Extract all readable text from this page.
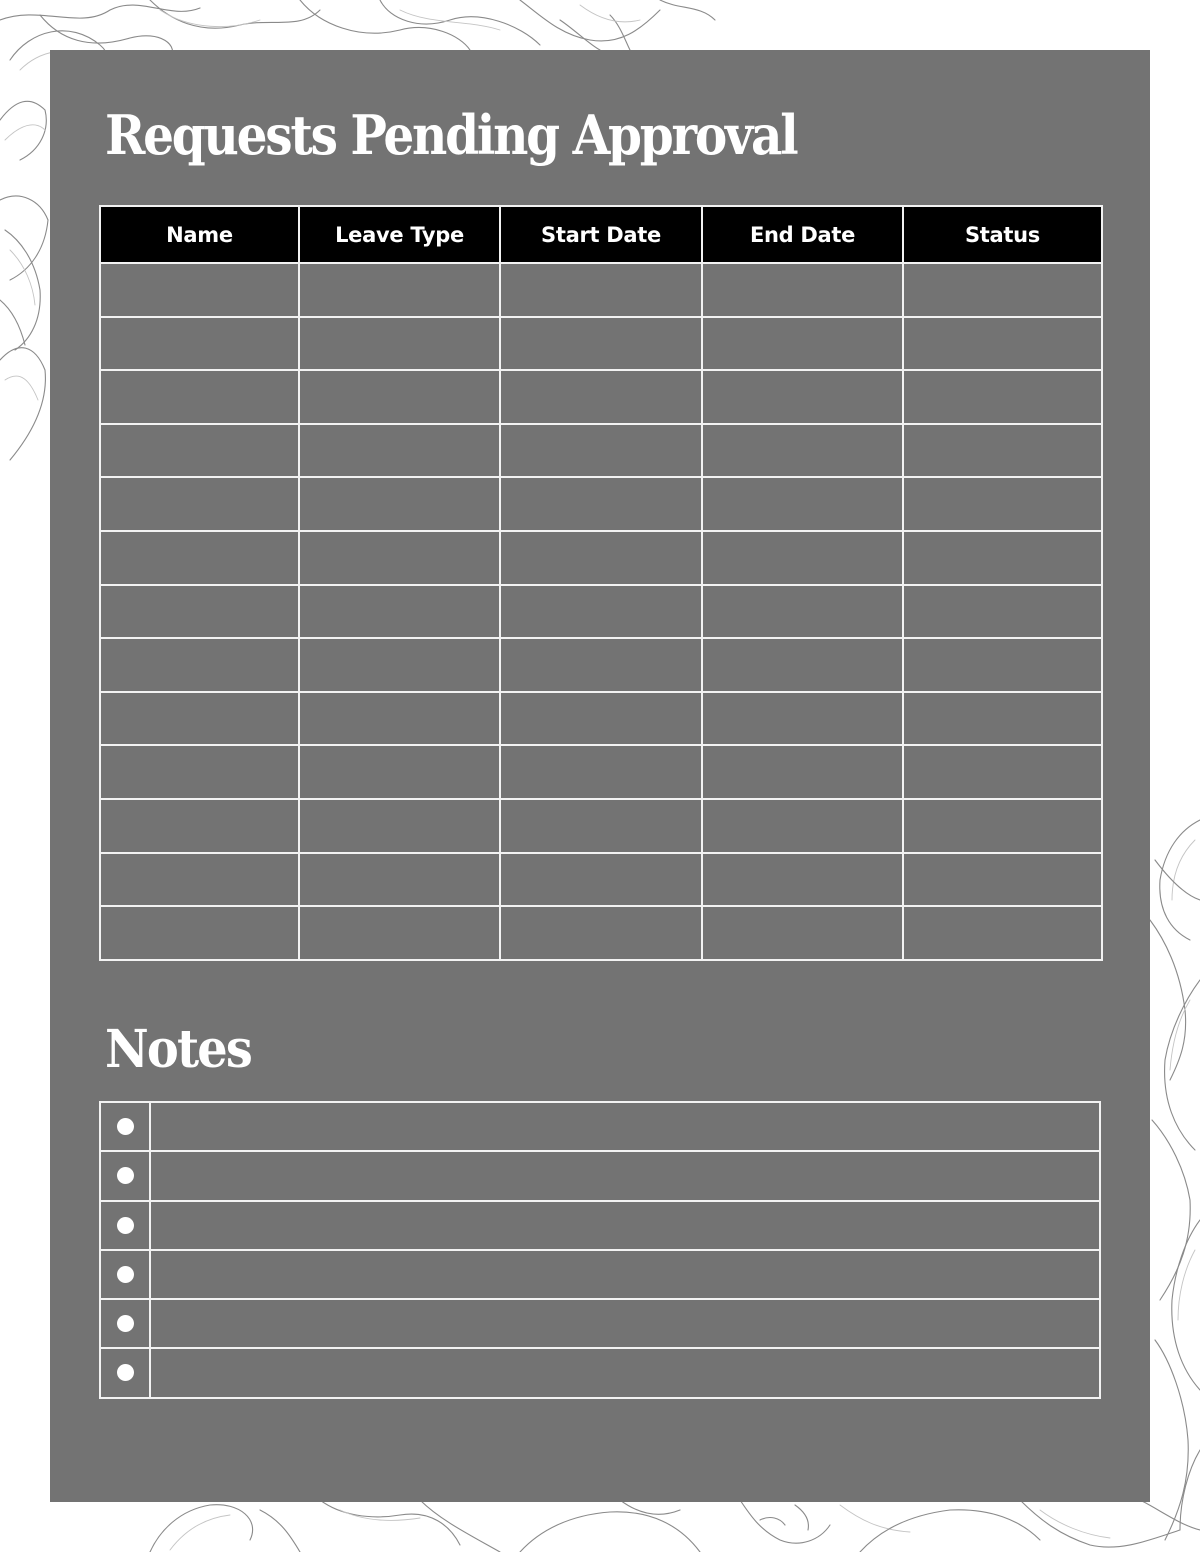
Requests Pending Approval
Name	Leave Type	Start Date	End Date	Status

Notes
